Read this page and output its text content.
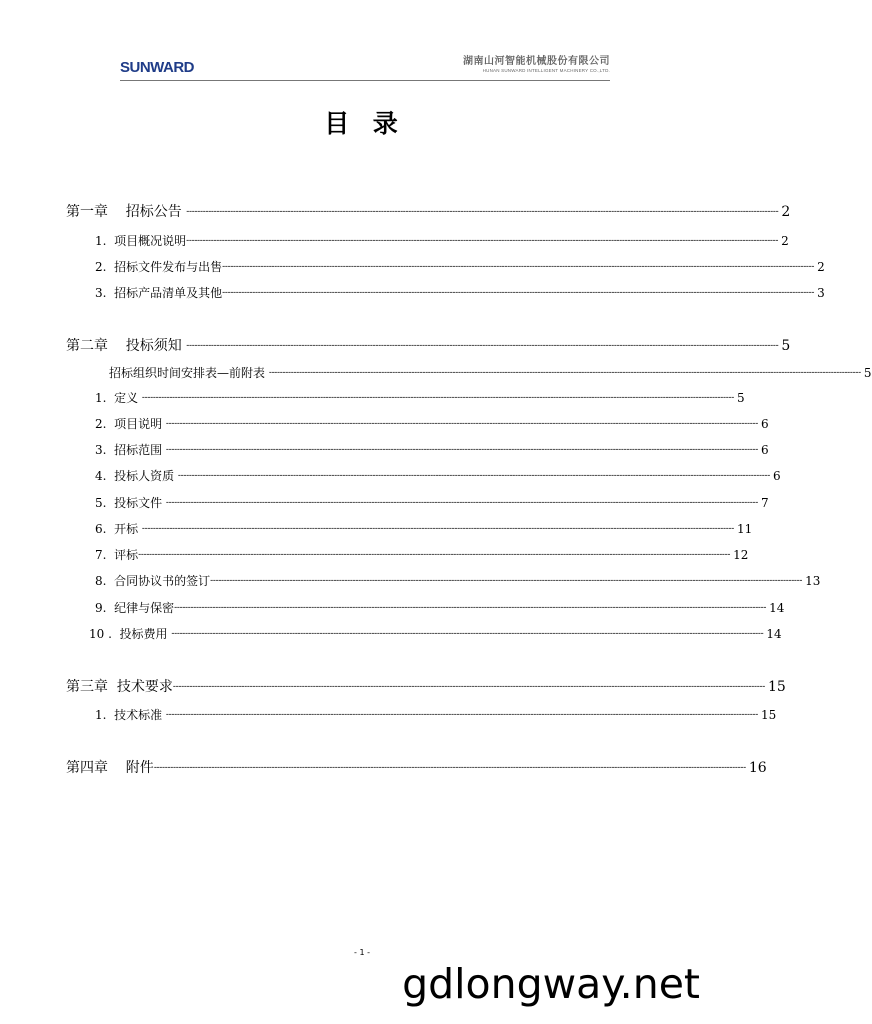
SUNWARD	湖南山河智能机械股份有限公司
HUNAN SUNWARD INTELLIGENT MACHINERY CO.,LTD.
目  录
第一章    招标公告 ------------------------------------------------------------------------------------------------------------------------------------------------------------------------------------------------------------------------ 2
1.  项目概况说明 ------------------------------------------------------------------------------------------------------------------------------------------------------------------------------------------------------------------------ 2
2.  招标文件发布与出售 ------------------------------------------------------------------------------------------------------------------------------------------------------------------------------------------------------------------------ 2
3.  招标产品清单及其他 ------------------------------------------------------------------------------------------------------------------------------------------------------------------------------------------------------------------------ 3
第二章    投标须知 ------------------------------------------------------------------------------------------------------------------------------------------------------------------------------------------------------------------------ 5
招标组织时间安排表—前附表 ------------------------------------------------------------------------------------------------------------------------------------------------------------------------------------------------------------------------ 5
1.  定义 ------------------------------------------------------------------------------------------------------------------------------------------------------------------------------------------------------------------------ 5
2.  项目说明 ------------------------------------------------------------------------------------------------------------------------------------------------------------------------------------------------------------------------ 6
3.  招标范围 ------------------------------------------------------------------------------------------------------------------------------------------------------------------------------------------------------------------------ 6
4.  投标人资质 ------------------------------------------------------------------------------------------------------------------------------------------------------------------------------------------------------------------------ 6
5.  投标文件 ------------------------------------------------------------------------------------------------------------------------------------------------------------------------------------------------------------------------ 7
6.  开标 ------------------------------------------------------------------------------------------------------------------------------------------------------------------------------------------------------------------------ 11
7.  评标 ------------------------------------------------------------------------------------------------------------------------------------------------------------------------------------------------------------------------ 12
8.  合同协议书的签订 ------------------------------------------------------------------------------------------------------------------------------------------------------------------------------------------------------------------------ 13
9.  纪律与保密 ------------------------------------------------------------------------------------------------------------------------------------------------------------------------------------------------------------------------ 14
10 .  投标费用 ------------------------------------------------------------------------------------------------------------------------------------------------------------------------------------------------------------------------ 14
第三章  技术要求 ------------------------------------------------------------------------------------------------------------------------------------------------------------------------------------------------------------------------ 15
1.  技术标准 ------------------------------------------------------------------------------------------------------------------------------------------------------------------------------------------------------------------------ 15
第四章    附件 ------------------------------------------------------------------------------------------------------------------------------------------------------------------------------------------------------------------------ 16
- 1 -
gdlongway.net
